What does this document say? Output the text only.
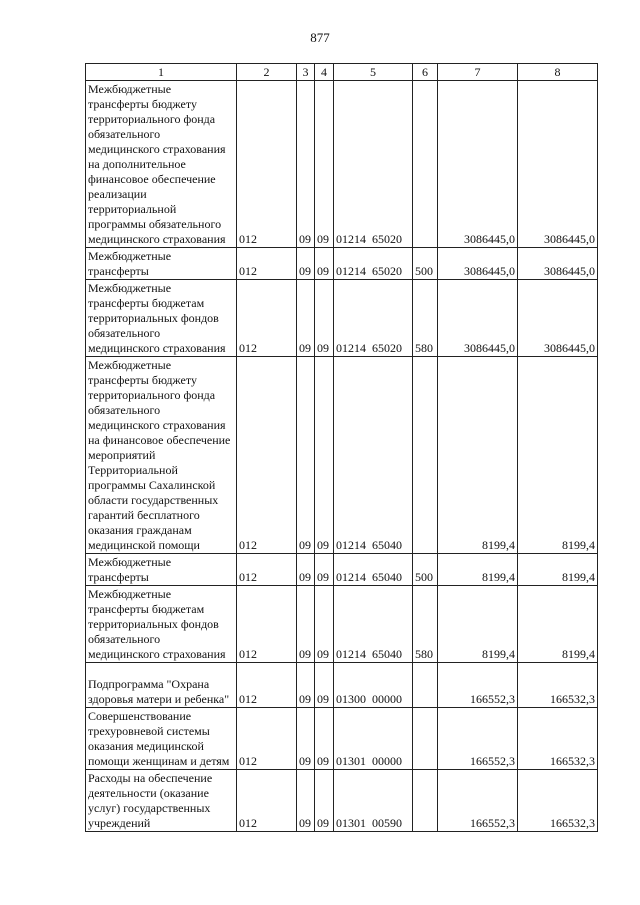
877
1	2	3	4	5	6	7	8
Межбюджетные трансферты бюджету территориального фонда обязательного медицинского страхования на дополнительное финансовое обеспечение реализации территориальной программы обязательного медицинского страхования	012	09	09	01214  65020		3086445,0	3086445,0
Межбюджетные трансферты	012	09	09	01214  65020	500	3086445,0	3086445,0
Межбюджетные трансферты бюджетам территориальных фондов обязательного медицинского страхования	012	09	09	01214  65020	580	3086445,0	3086445,0
Межбюджетные трансферты бюджету территориального фонда обязательного медицинского страхования на финансовое обеспечение мероприятий Территориальной программы Сахалинской области государственных гарантий бесплатного оказания гражданам медицинской помощи	012	09	09	01214  65040		8199,4	8199,4
Межбюджетные трансферты	012	09	09	01214  65040	500	8199,4	8199,4
Межбюджетные трансферты бюджетам территориальных фондов обязательного медицинского страхования	012	09	09	01214  65040	580	8199,4	8199,4
Подпрограмма "Охрана здоровья матери и ребенка"	012	09	09	01300  00000		166552,3	166532,3
Совершенствование трехуровневой системы оказания медицинской помощи женщинам и детям	012	09	09	01301  00000		166552,3	166532,3
Расходы на обеспечение деятельности (оказание услуг) государственных учреждений	012	09	09	01301  00590		166552,3	166532,3
